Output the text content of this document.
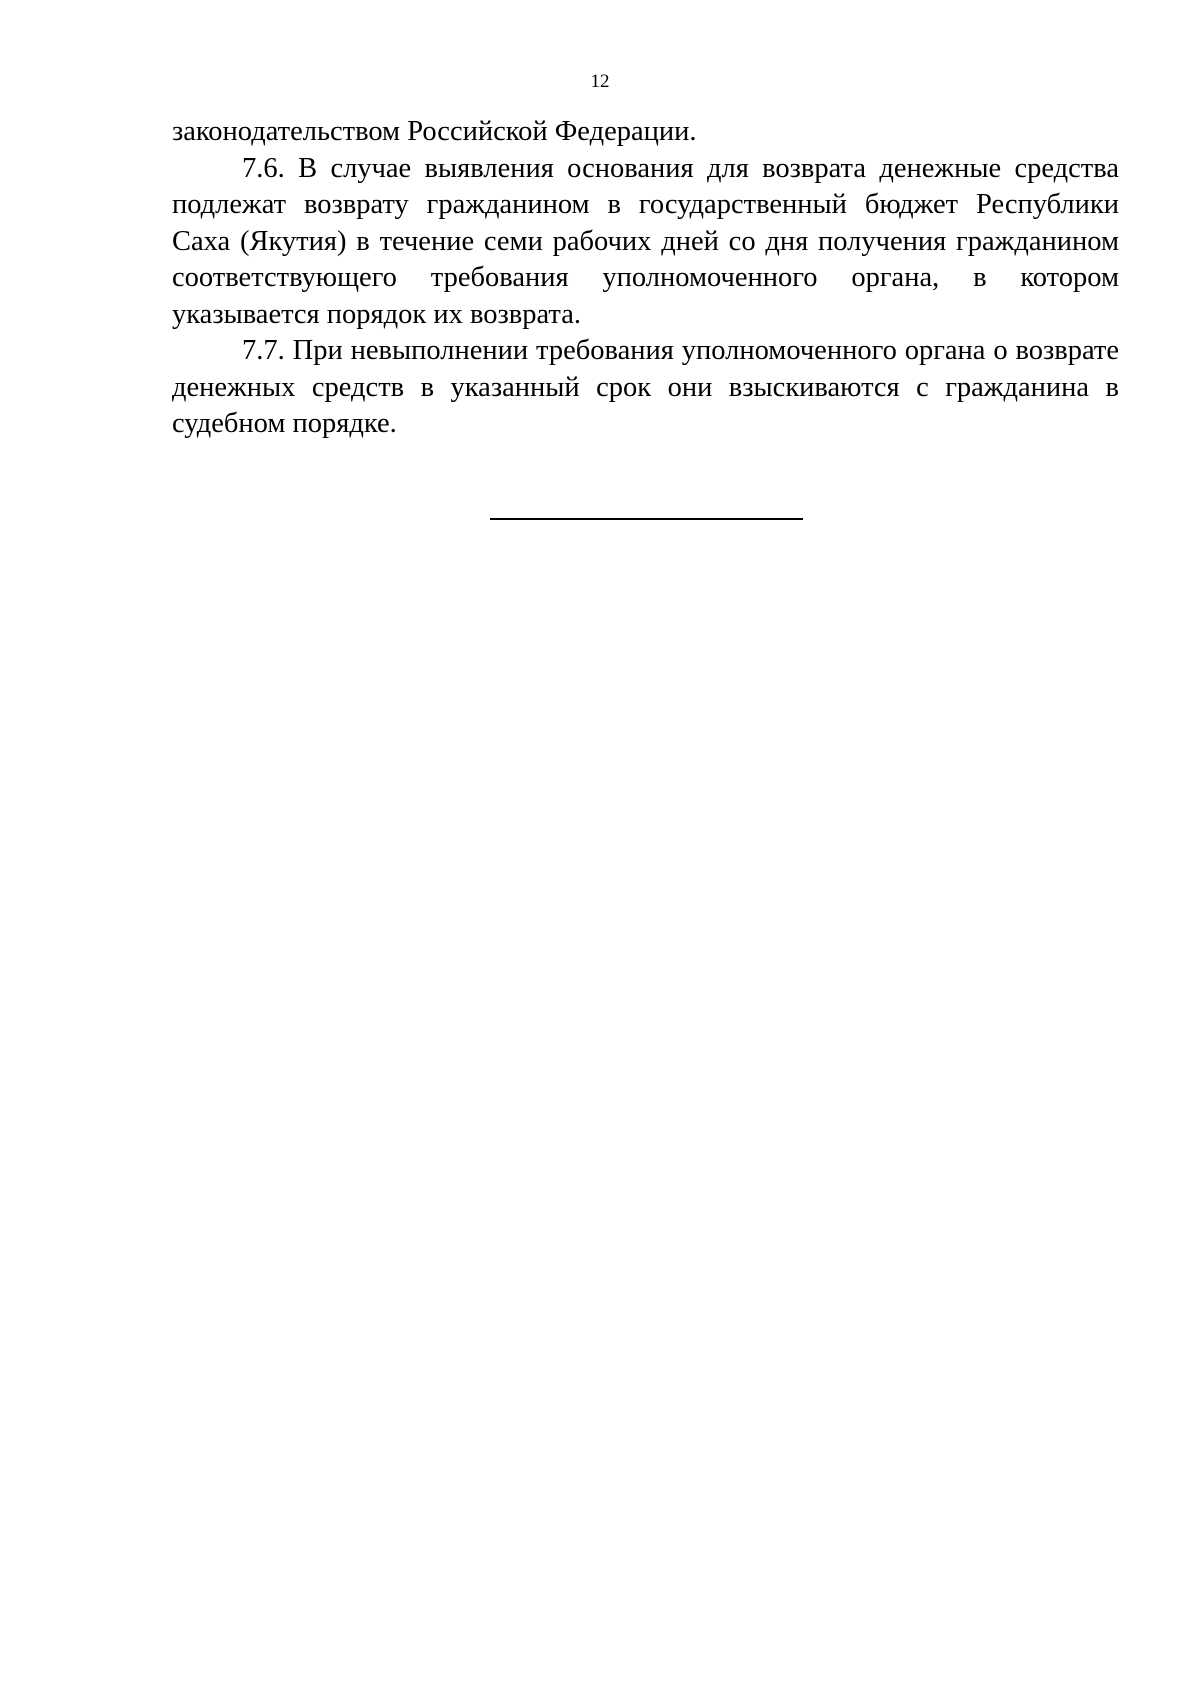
12

законодательством Российской Федерации.

7.6. В случае выявления основания для возврата денежные средства подлежат возврату гражданином в государственный бюджет Республики Саха (Якутия) в течение семи рабочих дней со дня получения гражданином соответствующего требования уполномоченного органа, в котором указывается порядок их возврата.

7.7. При невыполнении требования уполномоченного органа о возврате денежных средств в указанный срок они взыскиваются с гражданина в судебном порядке.
